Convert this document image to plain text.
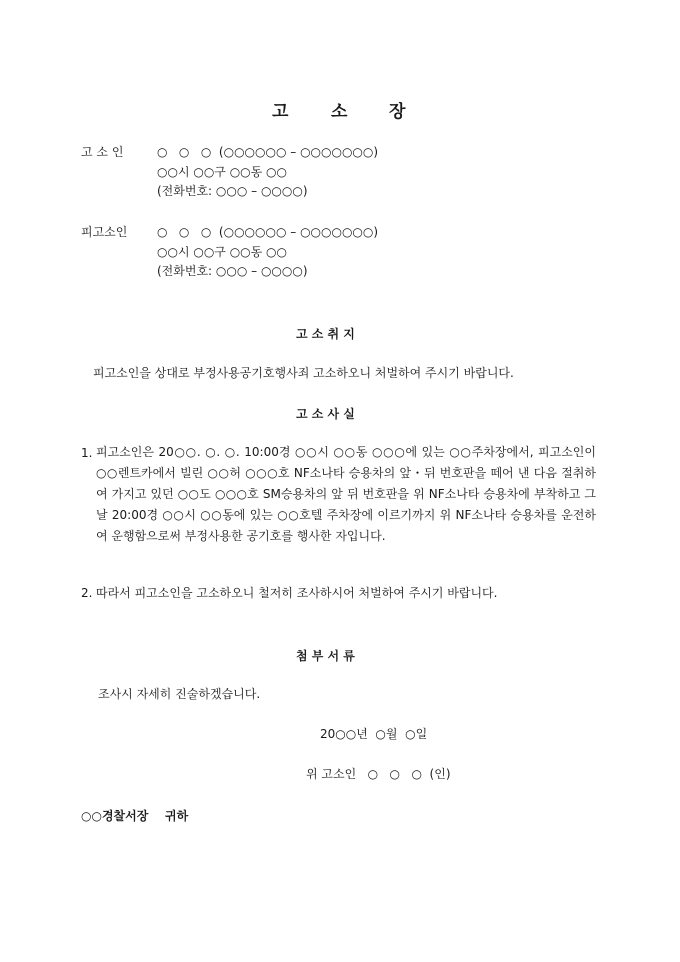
고	소 장
고 소 인	○   ○   ○  (○○○○○○ – ○○○○○○○)
○○시 ○○구 ○○동 ○○
(전화번호: ○○○ – ○○○○)
피고소인 ○   ○   ○  (○○○○○○ – ○○○○○○○)
○○시 ○○구 ○○동 ○○
(전화번호: ○○○ – ○○○○)
고 소 취 지
피고소인을 상대로 부정사용공기호행사죄 고소하오니 처벌하여 주시기 바랍니다.
고 소 사 실
1. 피고소인은 20○○. ○. ○. 10:00경 ○○시 ○○동 ○○○에 있는 ○○주차장에서, 피고소인이 ○○렌트카에서 빌린 ○○허 ○○○호 NF소나타 승용차의 앞・뒤 번호판을 떼어 낸 다음 절취하여 가지고 있던 ○○도 ○○○호 SM승용차의 앞 뒤 번호판을 위 NF소나타 승용차에 부착하고 그 날 20:00경 ○○시 ○○동에 있는 ○○호텔 주차장에 이르기까지 위 NF소나타 승용차를 운전하여 운행함으로써 부정사용한 공기호를 행사한 자입니다.
2. 따라서 피고소인을 고소하오니 철저히 조사하시어 처벌하여 주시기 바랍니다.
첨 부 서 류
조사시 자세히 진술하겠습니다.
20○○년  ○월  ○일
위 고소인   ○   ○   ○  (인)
○○경찰서장    귀하
